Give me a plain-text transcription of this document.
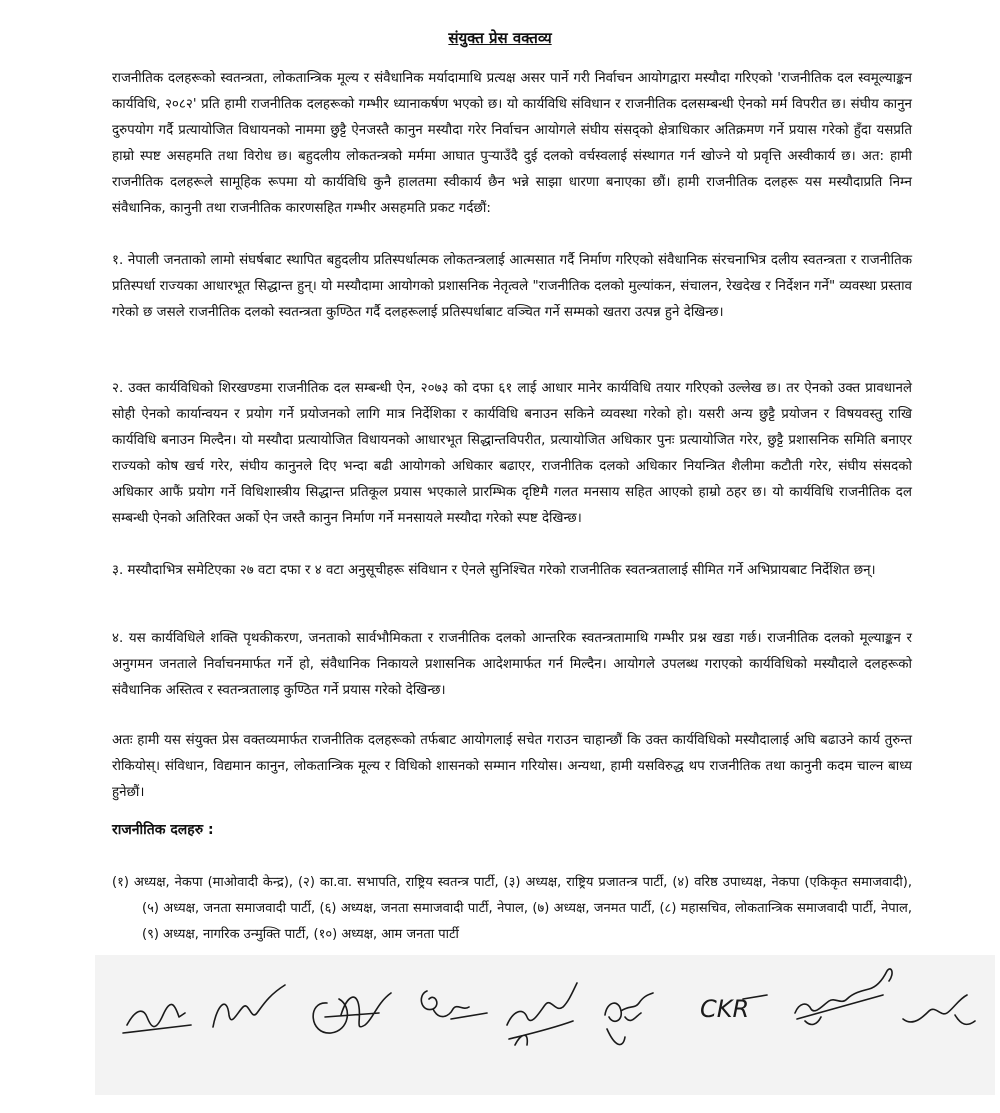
संयुक्त प्रेस वक्तव्य

राजनीतिक दलहरूको स्वतन्त्रता, लोकतान्त्रिक मूल्य र संवैधानिक मर्यादामाथि प्रत्यक्ष असर पार्ने गरी निर्वाचन आयोगद्वारा मस्यौदा गरिएको 'राजनीतिक दल स्वमूल्याङ्कन कार्यविधि, २०८२' प्रति हामी राजनीतिक दलहरूको गम्भीर ध्यानाकर्षण भएको छ। यो कार्यविधि संविधान र राजनीतिक दलसम्बन्धी ऐनको मर्म विपरीत छ। संघीय कानुन दुरुपयोग गर्दै प्रत्यायोजित विधायनको नाममा छुट्टै ऐनजस्तै कानुन मस्यौदा गरेर निर्वाचन आयोगले संघीय संसद्को क्षेत्राधिकार अतिक्रमण गर्ने प्रयास गरेको हुँदा यसप्रति हाम्रो स्पष्ट असहमति तथा विरोध छ। बहुदलीय लोकतन्त्रको मर्ममा आघात पुऱ्याउँदै दुई दलको वर्चस्वलाई संस्थागत गर्न खोज्ने यो प्रवृत्ति अस्वीकार्य छ। अत: हामी राजनीतिक दलहरूले सामूहिक रूपमा यो कार्यविधि कुनै हालतमा स्वीकार्य छैन भन्ने साझा धारणा बनाएका छौं। हामी राजनीतिक दलहरू यस मस्यौदाप्रति निम्न संवैधानिक, कानुनी तथा राजनीतिक कारणसहित गम्भीर असहमति प्रकट गर्दछौं:

१. नेपाली जनताको लामो संघर्षबाट स्थापित बहुदलीय प्रतिस्पर्धात्मक लोकतन्त्रलाई आत्मसात गर्दै निर्माण गरिएको संवैधानिक संरचनाभित्र दलीय स्वतन्त्रता र राजनीतिक प्रतिस्पर्धा राज्यका आधारभूत सिद्धान्त हुन्। यो मस्यौदामा आयोगको प्रशासनिक नेतृत्वले "राजनीतिक दलको मुल्यांकन, संचालन, रेखदेख र निर्देशन गर्ने" व्यवस्था प्रस्ताव गरेको छ जसले राजनीतिक दलको स्वतन्त्रता कुण्ठित गर्दै दलहरूलाई प्रतिस्पर्धाबाट वञ्चित गर्ने सम्मको खतरा उत्पन्न हुने देखिन्छ।

२. उक्त कार्यविधिको शिरखण्डमा राजनीतिक दल सम्बन्धी ऐन, २०७३ को दफा ६१ लाई आधार मानेर कार्यविधि तयार गरिएको उल्लेख छ। तर ऐनको उक्त प्रावधानले सोही ऐनको कार्यान्वयन र प्रयोग गर्ने प्रयोजनको लागि मात्र निर्देशिका र कार्यविधि बनाउन सकिने व्यवस्था गरेको हो। यसरी अन्य छुट्टै प्रयोजन र विषयवस्तु राखि कार्यविधि बनाउन मिल्दैन। यो मस्यौदा प्रत्यायोजित विधायनको आधारभूत सिद्धान्तविपरीत, प्रत्यायोजित अधिकार पुनः प्रत्यायोजित गरेर, छुट्टै प्रशासनिक समिति बनाएर राज्यको कोष खर्च गरेर, संघीय कानुनले दिए भन्दा बढी आयोगको अधिकार बढाएर, राजनीतिक दलको अधिकार नियन्त्रित शैलीमा कटौती गरेर, संघीय संसदको अधिकार आफैं प्रयोग गर्ने विधिशास्त्रीय सिद्धान्त प्रतिकूल प्रयास भएकाले प्रारम्भिक दृष्टिमै गलत मनसाय सहित आएको हाम्रो ठहर छ। यो कार्यविधि राजनीतिक दल सम्बन्धी ऐनको अतिरिक्त अर्को ऐन जस्तै कानुन निर्माण गर्ने मनसायले मस्यौदा गरेको स्पष्ट देखिन्छ।

३. मस्यौदाभित्र समेटिएका २७ वटा दफा र ४ वटा अनुसूचीहरू संविधान र ऐनले सुनिश्चित गरेको राजनीतिक स्वतन्त्रतालाई सीमित गर्ने अभिप्रायबाट निर्देशित छन्।

४. यस कार्यविधिले शक्ति पृथकीकरण, जनताको सार्वभौमिकता र राजनीतिक दलको आन्तरिक स्वतन्त्रतामाथि गम्भीर प्रश्न खडा गर्छ। राजनीतिक दलको मूल्याङ्कन र अनुगमन जनताले निर्वाचनमार्फत गर्ने हो, संवैधानिक निकायले प्रशासनिक आदेशमार्फत गर्न मिल्दैन। आयोगले उपलब्ध गराएको कार्यविधिको मस्यौदाले दलहरूको संवैधानिक अस्तित्व र स्वतन्त्रतालाइ कुण्ठित गर्ने प्रयास गरेको देखिन्छ।

अतः हामी यस संयुक्त प्रेस वक्तव्यमार्फत राजनीतिक दलहरूको तर्फबाट आयोगलाई सचेत गराउन चाहान्छौं कि उक्त कार्यविधिको मस्यौदालाई अघि बढाउने कार्य तुरुन्त रोकियोस्। संविधान, विद्यमान कानुन, लोकतान्त्रिक मूल्य र विधिको शासनको सम्मान गरियोस। अन्यथा, हामी यसविरुद्ध थप राजनीतिक तथा कानुनी कदम चाल्न बाध्य हुनेछौं।

राजनीतिक दलहरु :

(१) अध्यक्ष, नेकपा (माओवादी केन्द्र), (२) का.वा. सभापति, राष्ट्रिय स्वतन्त्र पार्टी, (३) अध्यक्ष, राष्ट्रिय प्रजातन्त्र पार्टी, (४) वरिष्ठ उपाध्यक्ष, नेकपा (एकिकृत समाजवादी), (५) अध्यक्ष, जनता समाजवादी पार्टी, (६) अध्यक्ष, जनता समाजवादी पार्टी, नेपाल, (७) अध्यक्ष, जनमत पार्टी, (८) महासचिव, लोकतान्त्रिक समाजवादी पार्टी, नेपाल, (९) अध्यक्ष, नागरिक उन्मुक्ति पार्टी, (१०) अध्यक्ष, आम जनता पार्टी

CKR
